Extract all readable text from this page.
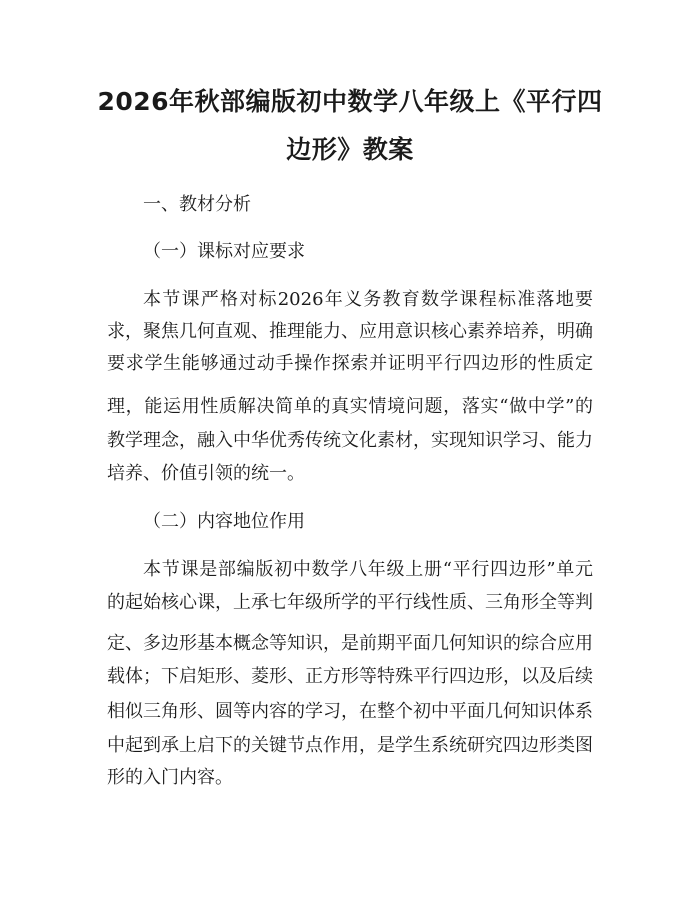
2026年秋部编版初中数学八年级上《平行四
边形》教案
一、教材分析
（一）课标对应要求
本节课严格对标2026年义务教育数学课程标准落地要
求，聚焦几何直观、推理能力、应用意识核心素养培养，明确
要求学生能够通过动手操作探索并证明平行四边形的性质定
理，能运用性质解决简单的真实情境问题，落实“做中学”的
教学理念，融入中华优秀传统文化素材，实现知识学习、能力
培养、价值引领的统一。
（二）内容地位作用
本节课是部编版初中数学八年级上册“平行四边形”单元
的起始核心课，上承七年级所学的平行线性质、三角形全等判
定、多边形基本概念等知识，是前期平面几何知识的综合应用
载体；下启矩形、菱形、正方形等特殊平行四边形，以及后续
相似三角形、圆等内容的学习，在整个初中平面几何知识体系
中起到承上启下的关键节点作用，是学生系统研究四边形类图
形的入门内容。
